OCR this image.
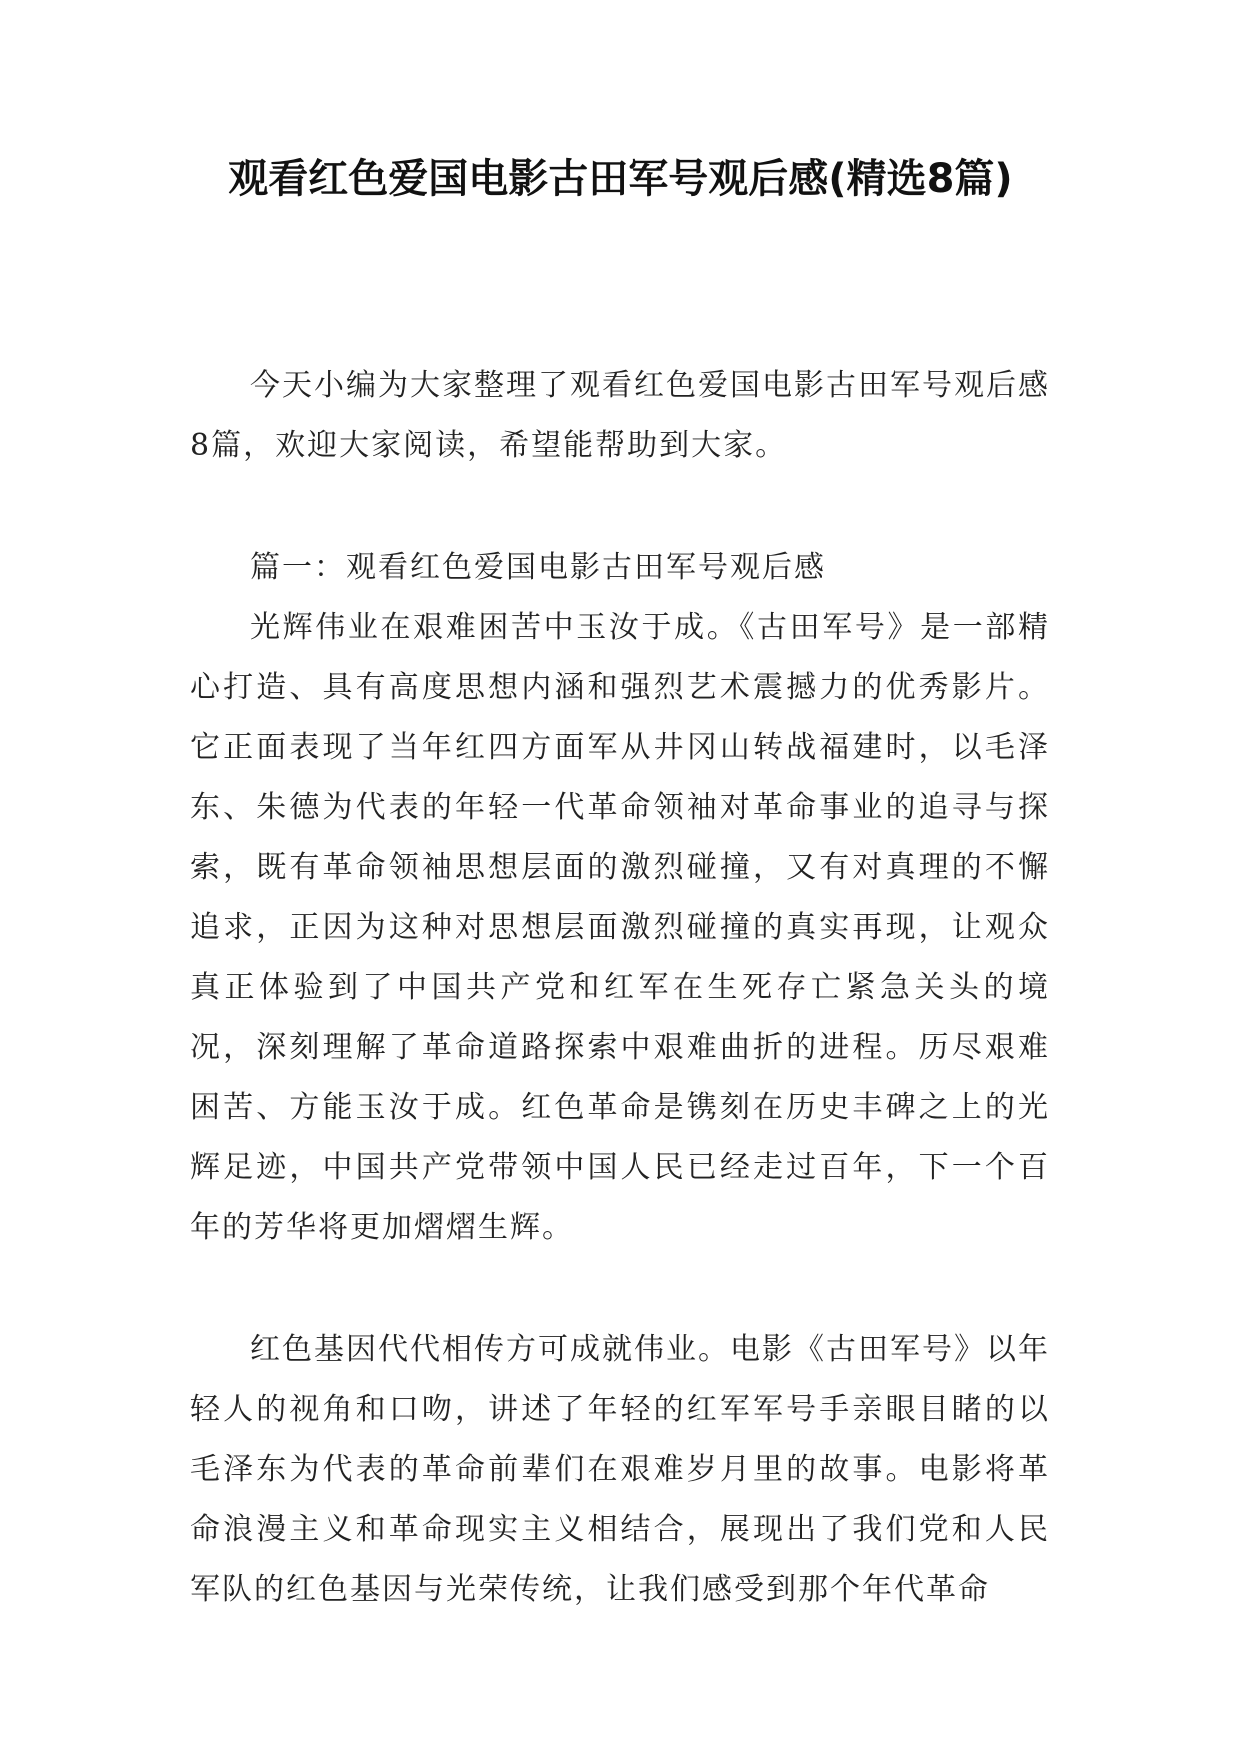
观看红色爱国电影古田军号观后感(精选8篇)

今天小编为大家整理了观看红色爱国电影古田军号观后感8篇，欢迎大家阅读，希望能帮助到大家。

篇一：观看红色爱国电影古田军号观后感

光辉伟业在艰难困苦中玉汝于成。《古田军号》是一部精心打造、具有高度思想内涵和强烈艺术震撼力的优秀影片。它正面表现了当年红四方面军从井冈山转战福建时，以毛泽东、朱德为代表的年轻一代革命领袖对革命事业的追寻与探索，既有革命领袖思想层面的激烈碰撞，又有对真理的不懈追求，正因为这种对思想层面激烈碰撞的真实再现，让观众真正体验到了中国共产党和红军在生死存亡紧急关头的境况，深刻理解了革命道路探索中艰难曲折的进程。历尽艰难困苦、方能玉汝于成。红色革命是镌刻在历史丰碑之上的光辉足迹，中国共产党带领中国人民已经走过百年，下一个百年的芳华将更加熠熠生辉。

红色基因代代相传方可成就伟业。电影《古田军号》以年轻人的视角和口吻，讲述了年轻的红军军号手亲眼目睹的以毛泽东为代表的革命前辈们在艰难岁月里的故事。电影将革命浪漫主义和革命现实主义相结合，展现出了我们党和人民军队的红色基因与光荣传统，让我们感受到那个年代革命
